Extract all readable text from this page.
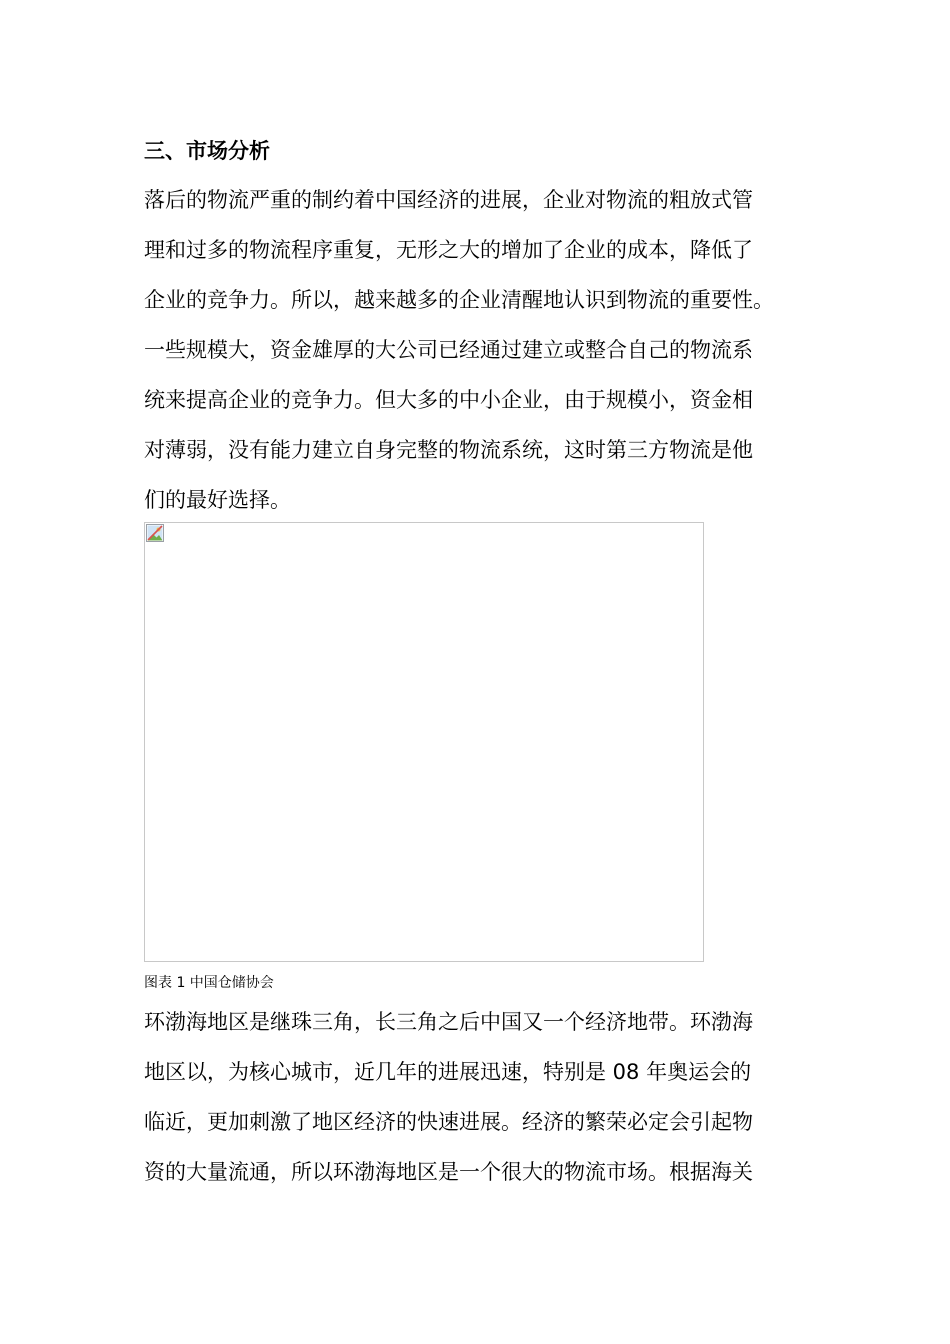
三、市场分析
落后的物流严重的制约着中国经济的进展，企业对物流的粗放式管
理和过多的物流程序重复，无形之大的增加了企业的成本，降低了
企业的竞争力。所以，越来越多的企业清醒地认识到物流的重要性。
一些规模大，资金雄厚的大公司已经通过建立或整合自己的物流系
统来提高企业的竞争力。但大多的中小企业，由于规模小，资金相
对薄弱，没有能力建立自身完整的物流系统，这时第三方物流是他
们的最好选择。
图表 1 中国仓储协会
环渤海地区是继珠三角，长三角之后中国又一个经济地带。环渤海
地区以，为核心城市，近几年的进展迅速，特别是 08 年奥运会的
临近，更加刺激了地区经济的快速进展。经济的繁荣必定会引起物
资的大量流通，所以环渤海地区是一个很大的物流市场。根据海关
